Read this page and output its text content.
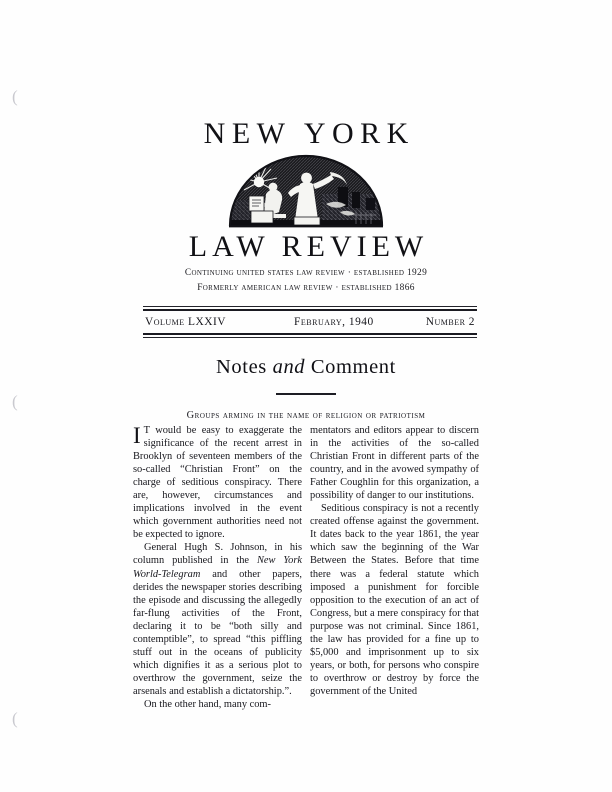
(
(
(
NEW YORK
LAW REVIEW
Continuing united states law review · established 1929
Formerly american law review · established 1866
Volume LXXIV	february, 1940	number 2
Notes and Comment
Groups arming in the name of religion or patriotism

I T would be easy to exaggerate the significance of the recent arrest in Brooklyn of seventeen members of the so-called “Christian Front” on the charge of seditious conspiracy. There are, however, circumstances and implications involved in the event which government authorities need not be expected to ignore.

General Hugh S. Johnson, in his column published in the New York World-Telegram and other papers, derides the newspaper stories describing the episode and discussing the allegedly far-flung activities of the Front, declaring it to be “both silly and contemptible”, to spread “this piffling stuff out in the oceans of publicity which dignifies it as a serious plot to overthrow the government, seize the arsenals and establish a dictatorship.”.

On the other hand, many com-

mentators and editors appear to discern in the activities of the so-called Christian Front in different parts of the country, and in the avowed sympathy of Father Coughlin for this organization, a possibility of danger to our institutions.

Seditious conspiracy is not a recently created offense against the government. It dates back to the year 1861, the year which saw the beginning of the War Between the States. Before that time there was a federal statute which imposed a punishment for forcible opposition to the execution of an act of Congress, but a mere conspiracy for that purpose was not criminal. Since 1861, the law has provided for a fine up to $5,000 and imprisonment up to six years, or both, for persons who conspire to overthrow or destroy by force the government of the United
